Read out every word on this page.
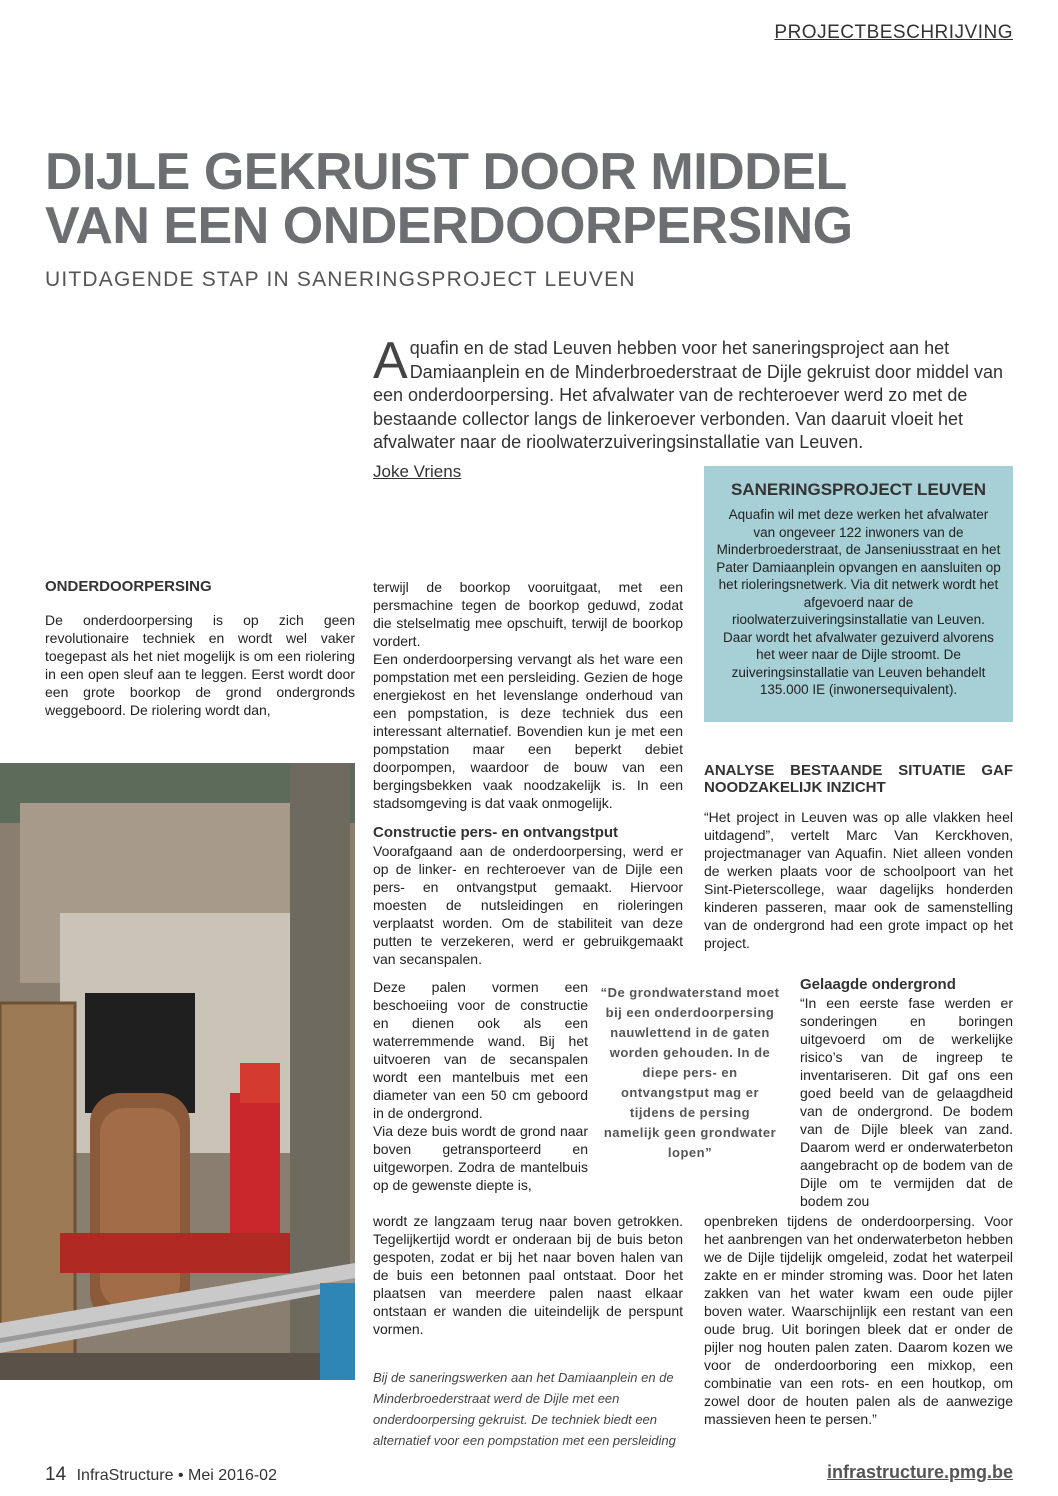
PROJECTBESCHRIJVING
DIJLE GEKRUIST DOOR MIDDEL
VAN EEN ONDERDOORPERSING
UITDAGENDE STAP IN SANERINGSPROJECT LEUVEN
A quafin en de stad Leuven hebben voor het saneringsproject aan het Damiaanplein en de Minderbroederstraat de Dijle gekruist door middel van een onderdoorpersing. Het afvalwater van de rechteroever werd zo met de bestaande collector langs de linkeroever verbonden. Van daaruit vloeit het afvalwater naar de rioolwaterzuiveringsinstallatie van Leuven.
Joke Vriens
SANERINGSPROJECT LEUVEN

Aquafin wil met deze werken het afvalwater van ongeveer 122 inwoners van de Minderbroederstraat, de Janseniusstraat en het Pater Damiaanplein opvangen en aansluiten op het rioleringsnetwerk. Via dit netwerk wordt het afgevoerd naar de rioolwaterzuiveringsinstallatie van Leuven. Daar wordt het afvalwater gezuiverd alvorens het weer naar de Dijle stroomt. De zuiveringsinstallatie van Leuven behandelt 135.000 IE (inwonersequivalent).

ONDERDOORPERSING

De onderdoorpersing is op zich geen revolutionaire techniek en wordt wel vaker toegepast als het niet mogelijk is om een riolering in een open sleuf aan te leggen. Eerst wordt door een grote boorkop de grond ondergronds weggeboord. De riolering wordt dan,

terwijl de boorkop vooruitgaat, met een persmachine tegen de boorkop geduwd, zodat die stelselmatig mee opschuift, terwijl de boorkop vordert.

Een onderdoorpersing vervangt als het ware een pompstation met een persleiding. Gezien de hoge energiekost en het levenslange onderhoud van een pompstation, is deze techniek dus een interessant alternatief. Bovendien kun je met een pompstation maar een beperkt debiet doorpompen, waardoor de bouw van een bergingsbekken vaak noodzakelijk is. In een stadsomgeving is dat vaak onmogelijk.

Constructie pers- en ontvangstput

Voorafgaand aan de onderdoorpersing, werd er op de linker- en rechteroever van de Dijle een pers- en ontvangstput gemaakt. Hiervoor moesten de nutsleidingen en rioleringen verplaatst worden. Om de stabiliteit van deze putten te verzekeren, werd er gebruikgemaakt van secanspalen.

Deze palen vormen een beschoeiing voor de constructie en dienen ook als een waterremmende wand. Bij het uitvoeren van de secanspalen wordt een mantelbuis met een diameter van een 50 cm geboord in de ondergrond.

Via deze buis wordt de grond naar boven getransporteerd en uitgeworpen. Zodra de mantelbuis op de gewenste diepte is,

wordt ze langzaam terug naar boven getrokken. Tegelijkertijd wordt er onderaan bij de buis beton gespoten, zodat er bij het naar boven halen van de buis een betonnen paal ontstaat. Door het plaatsen van meerdere palen naast elkaar ontstaan er wanden die uiteindelijk de perspunt vormen.

“De grondwaterstand moet bij een onderdoorpersing nauwlettend in de gaten worden gehouden. In de diepe pers- en ontvangstput mag er tijdens de persing namelijk geen grondwater lopen”
ANALYSE BESTAANDE SITUATIE GAF NOODZAKELIJK INZICHT

“Het project in Leuven was op alle vlakken heel uitdagend”, vertelt Marc Van Kerckhoven, projectmanager van Aquafin. Niet alleen vonden de werken plaats voor de schoolpoort van het Sint-Pieterscollege, waar dagelijks honderden kinderen passeren, maar ook de samenstelling van de ondergrond had een grote impact op het project.

Gelaagde ondergrond

“In een eerste fase werden er sonderingen en boringen uitgevoerd om de werkelijke risico’s van de ingreep te inventariseren. Dit gaf ons een goed beeld van de gelaagdheid van de ondergrond. De bodem van de Dijle bleek van zand. Daarom werd er onderwaterbeton aangebracht op de bodem van de Dijle om te vermijden dat de bodem zou

openbreken tijdens de onderdoorpersing. Voor het aanbrengen van het onderwaterbeton hebben we de Dijle tijdelijk omgeleid, zodat het waterpeil zakte en er minder stroming was. Door het laten zakken van het water kwam een oude pijler boven water. Waarschijnlijk een restant van een oude brug. Uit boringen bleek dat er onder de pijler nog houten palen zaten. Daarom kozen we voor de onderdoorboring een mixkop, een combinatie van een rots- en een houtkop, om zowel door de houten palen als de aanwezige massieven heen te persen.”

Bij de saneringswerken aan het Damiaanplein en de Minderbroederstraat werd de Dijle met een onderdoorpersing gekruist. De techniek biedt een alternatief voor een pompstation met een persleiding
14 InfraStructure • Mei 2016-02	infrastructure.pmg.be
